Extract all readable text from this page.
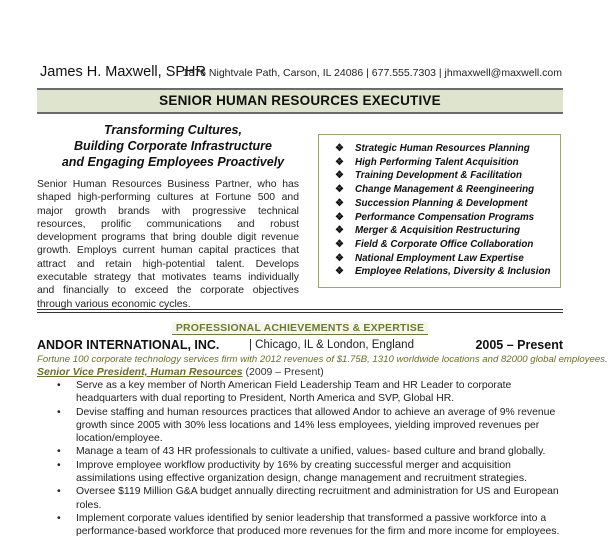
James H. Maxwell, SPHR
1876 Nightvale Path, Carson, IL 24086 | 677.555.7303 | jhmaxwell@maxwell.com
SENIOR HUMAN RESOURCES EXECUTIVE
Transforming Cultures,
Building Corporate Infrastructure
and Engaging Employees Proactively

Senior Human Resources Business Partner, who has shaped high-performing cultures at Fortune 500 and major growth brands with progressive technical resources, prolific communications and robust development programs that bring double digit revenue growth. Employs current human capital practices that attract and retain high-potential talent. Develops executable strategy that motivates teams individually and financially to exceed the corporate objectives through various economic cycles.

❖ Strategic Human Resources Planning
❖ High Performing Talent Acquisition
❖ Training Development & Facilitation
❖ Change Management & Reengineering
❖ Succession Planning & Development
❖ Performance Compensation Programs
❖ Merger & Acquisition Restructuring
❖ Field & Corporate Office Collaboration
❖ National Employment Law Expertise
❖ Employee Relations, Diversity & Inclusion
PROFESSIONAL ACHIEVEMENTS & EXPERTISE
ANDOR INTERNATIONAL, INC.	| Chicago, IL & London, England	2005 – Present
Fortune 100 corporate technology services firm with 2012 revenues of $1.75B, 1310 worldwide locations and 82000 global employees.
Senior Vice President, Human Resources (2009 – Present)
• Serve as a key member of North American Field Leadership Team and HR Leader to corporate headquarters with dual reporting to President, North America and SVP, Global HR.
• Devise staffing and human resources practices that allowed Andor to achieve an average of 9% revenue growth since 2005 with 30% less locations and 14% less employees, yielding improved revenues per location/employee.
• Manage a team of 43 HR professionals to cultivate a unified, values- based culture and brand globally.
• Improve employee workflow productivity by 16% by creating successful merger and acquisition assimilations using effective organization design, change management and recruitment strategies.
• Oversee $119 Million G&A budget annually directing recruitment and administration for US and European roles.
• Implement corporate values identified by senior leadership that transformed a passive workforce into a performance-based workforce that produced more revenues for the firm and more income for employees.
